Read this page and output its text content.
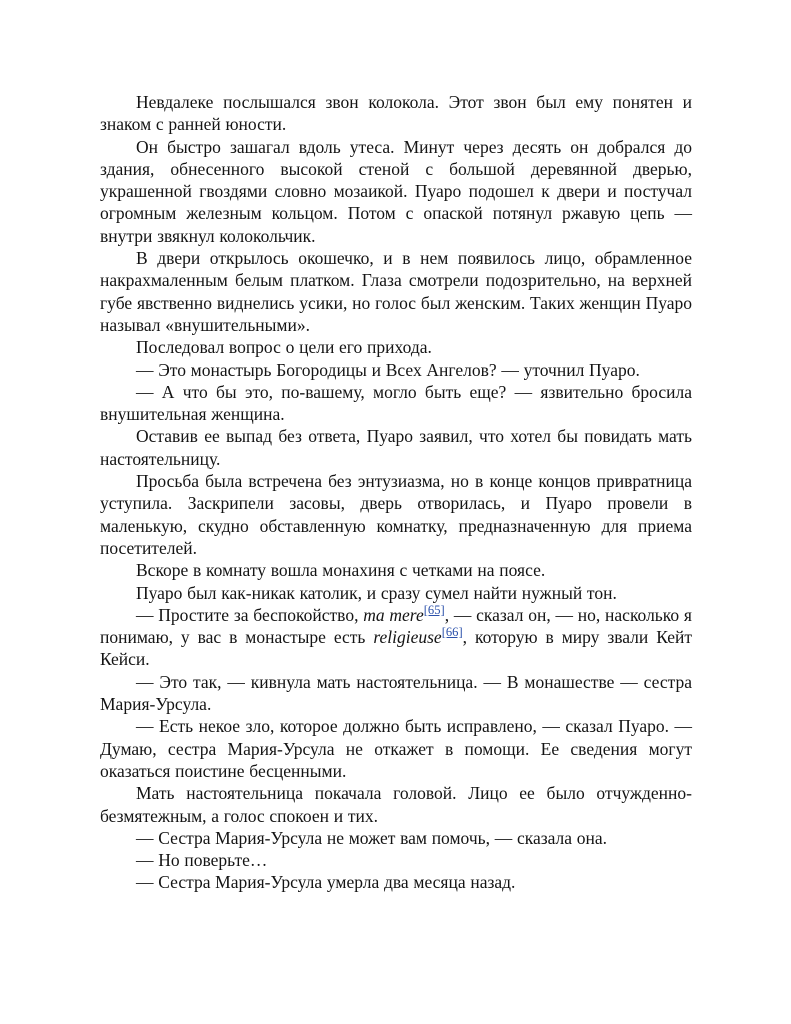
Невдалеке послышался звон колокола. Этот звон был ему понятен и знаком с ранней юности.

Он быстро зашагал вдоль утеса. Минут через десять он добрался до здания, обнесенного высокой стеной с большой деревянной дверью, украшенной гвоздями словно мозаикой. Пуаро подошел к двери и постучал огромным железным кольцом. Потом с опаской потянул ржавую цепь — внутри звякнул колокольчик.

В двери открылось окошечко, и в нем появилось лицо, обрамленное накрахмаленным белым платком. Глаза смотрели подозрительно, на верхней губе явственно виднелись усики, но голос был женским. Таких женщин Пуаро называл «внушительными».

Последовал вопрос о цели его прихода.

— Это монастырь Богородицы и Всех Ангелов? — уточнил Пуаро.

— А что бы это, по-вашему, могло быть еще? — язвительно бросила внушительная женщина.

Оставив ее выпад без ответа, Пуаро заявил, что хотел бы повидать мать настоятельницу.

Просьба была встречена без энтузиазма, но в конце концов привратница уступила. Заскрипели засовы, дверь отворилась, и Пуаро провели в маленькую, скудно обставленную комнатку, предназначенную для приема посетителей.

Вскоре в комнату вошла монахиня с четками на поясе.

Пуаро был как-никак католик, и сразу сумел найти нужный тон.

— Простите за беспокойство, ma mere[65], — сказал он, — но, насколько я понимаю, у вас в монастыре есть religieuse[66], которую в миру звали Кейт Кейси.

— Это так, — кивнула мать настоятельница. — В монашестве — сестра Мария-Урсула.

— Есть некое зло, которое должно быть исправлено, — сказал Пуаро. — Думаю, сестра Мария-Урсула не откажет в помощи. Ее сведения могут оказаться поистине бесценными.

Мать настоятельница покачала головой. Лицо ее было отчужденно-безмятежным, а голос спокоен и тих.

— Сестра Мария-Урсула не может вам помочь, — сказала она.

— Но поверьте…

— Сестра Мария-Урсула умерла два месяца назад.
